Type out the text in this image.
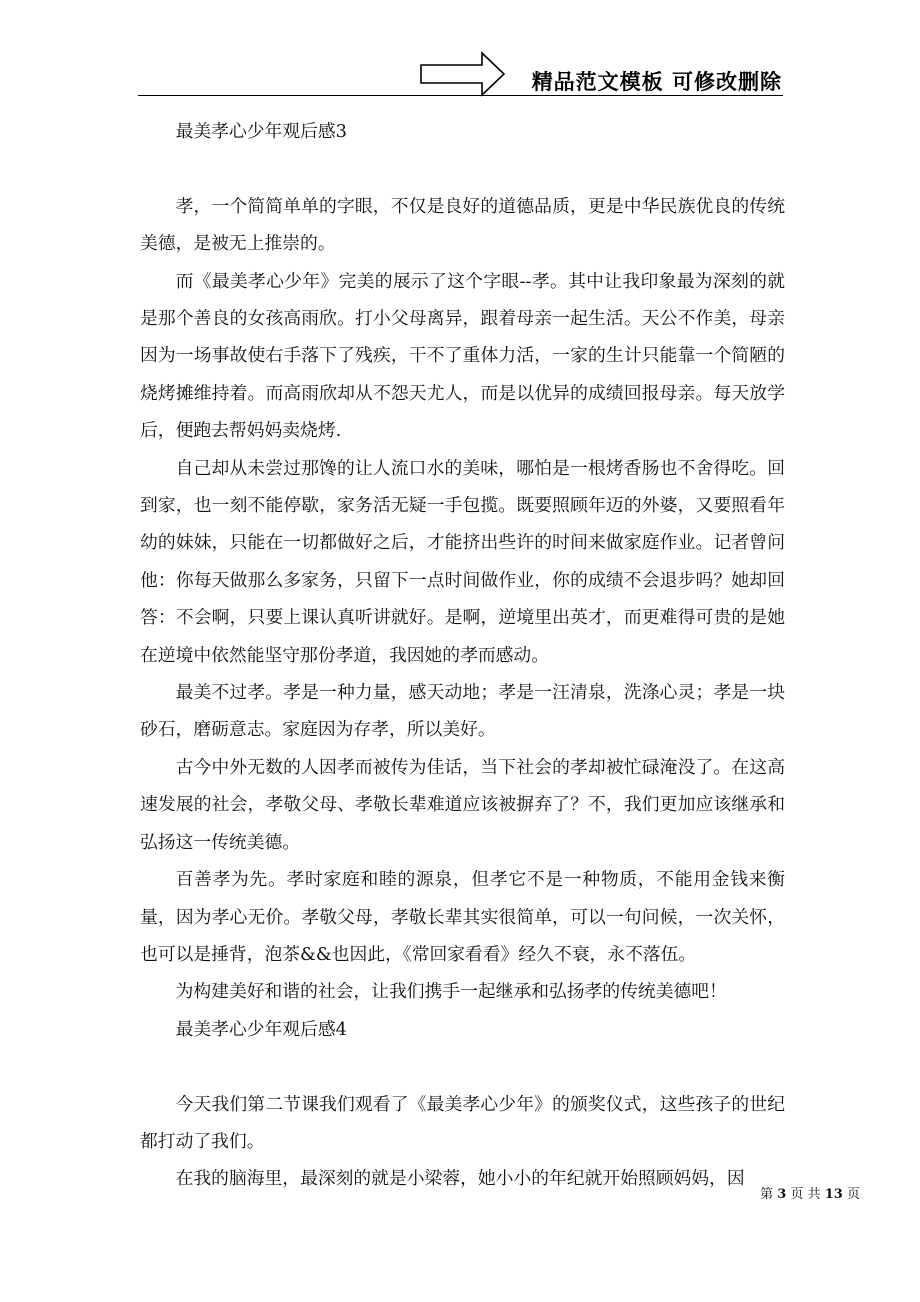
精品范文模板 可修改删除

最美孝心少年观后感3

孝，一个简简单单的字眼，不仅是良好的道德品质，更是中华民族优良的传统美德，是被无上推崇的。

而《最美孝心少年》完美的展示了这个字眼--孝。其中让我印象最为深刻的就是那个善良的女孩高雨欣。打小父母离异，跟着母亲一起生活。天公不作美，母亲因为一场事故使右手落下了残疾，干不了重体力活，一家的生计只能靠一个简陋的烧烤摊维持着。而高雨欣却从不怨天尤人，而是以优异的成绩回报母亲。每天放学后，便跑去帮妈妈卖烧烤.

自己却从未尝过那馋的让人流口水的美味，哪怕是一根烤香肠也不舍得吃。回到家，也一刻不能停歇，家务活无疑一手包揽。既要照顾年迈的外婆，又要照看年幼的妹妹，只能在一切都做好之后，才能挤出些许的时间来做家庭作业。记者曾问他：你每天做那么多家务，只留下一点时间做作业，你的成绩不会退步吗？她却回答：不会啊，只要上课认真听讲就好。是啊，逆境里出英才，而更难得可贵的是她在逆境中依然能坚守那份孝道，我因她的孝而感动。

最美不过孝。孝是一种力量，感天动地；孝是一汪清泉，洗涤心灵；孝是一块砂石，磨砺意志。家庭因为存孝，所以美好。

古今中外无数的人因孝而被传为佳话，当下社会的孝却被忙碌淹没了。在这高速发展的社会，孝敬父母、孝敬长辈难道应该被摒弃了？不，我们更加应该继承和弘扬这一传统美德。

百善孝为先。孝时家庭和睦的源泉，但孝它不是一种物质，不能用金钱来衡量，因为孝心无价。孝敬父母，孝敬长辈其实很简单，可以一句问候，一次关怀，也可以是捶背，泡茶&&也因此，《常回家看看》经久不衰，永不落伍。

为构建美好和谐的社会，让我们携手一起继承和弘扬孝的传统美德吧！

最美孝心少年观后感4

今天我们第二节课我们观看了《最美孝心少年》的颁奖仪式，这些孩子的世纪都打动了我们。

在我的脑海里，最深刻的就是小梁蓉，她小小的年纪就开始照顾妈妈，因

第 3 页 共 13 页
